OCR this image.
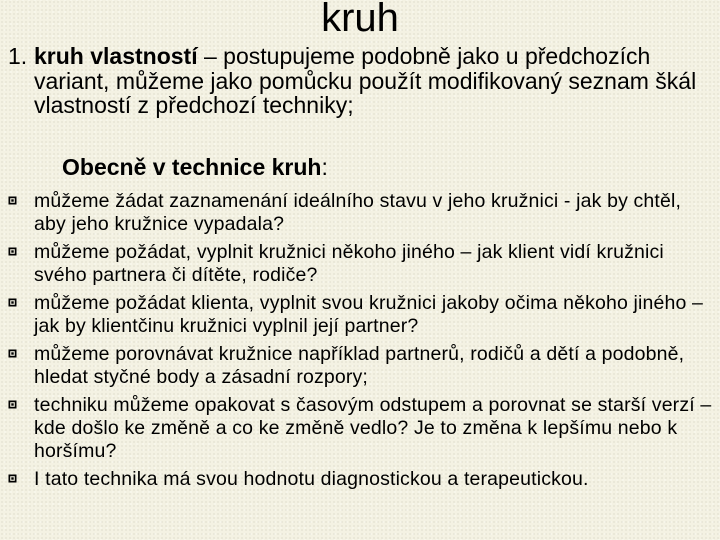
kruh
1. kruh vlastností – postupujeme podobně jako u předchozích variant, můžeme jako pomůcku použít modifikovaný seznam škál vlastností z předchozí techniky;
Obecně v technice kruh:
můžeme žádat zaznamenání ideálního stavu v jeho kružnici - jak by chtěl, aby jeho kružnice vypadala?
můžeme požádat, vyplnit kružnici někoho jiného – jak klient vidí kružnici svého partnera či dítěte, rodiče?
můžeme požádat klienta, vyplnit svou kružnici jakoby očima někoho jiného – jak by klientčinu kružnici vyplnil její partner?
můžeme porovnávat kružnice například partnerů, rodičů a dětí a podobně, hledat styčné body a zásadní rozpory;
techniku můžeme opakovat s časovým odstupem a porovnat se starší verzí – kde došlo ke změně a co ke změně vedlo? Je to změna k lepšímu nebo k horšímu?
I tato technika má svou hodnotu diagnostickou a terapeutickou.
